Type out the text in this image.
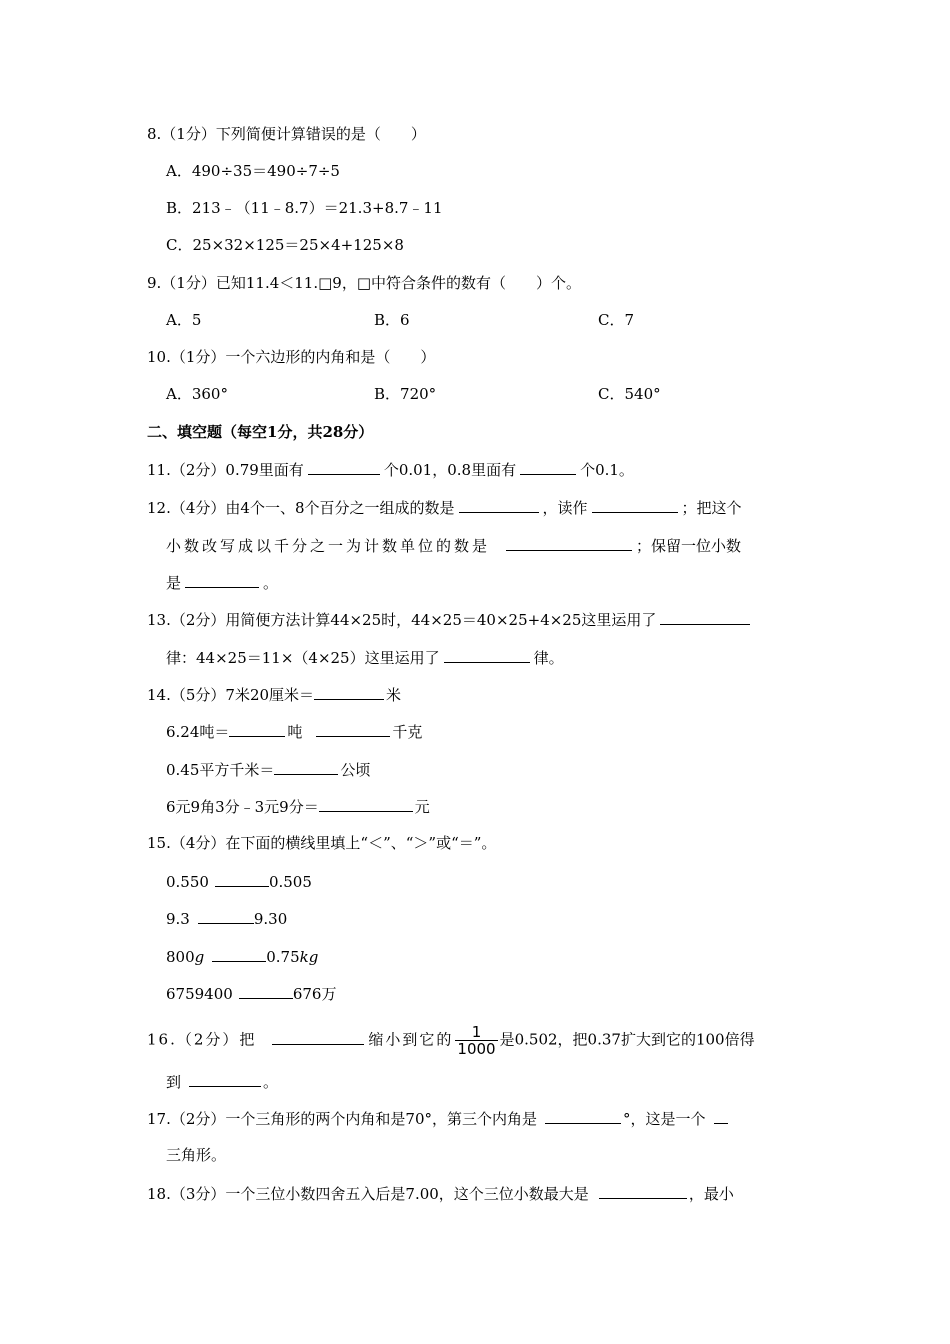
8.（1分）下列简便计算错误的是（　　）
A．490÷35＝490÷7÷5
B．213﹣（11﹣8.7）＝21.3+8.7﹣11
C．25×32×125＝25×4+125×8
9.（1分）已知11.4＜11.□9，□中符合条件的数有（　　）个。
A．5	B．6	C．7
10.（1分）一个六边形的内角和是（　　）
A．360°	B．720°	C．540°
二、填空题（每空1分，共28分）
11.（2分）0.79里面有	个0.01，0.8里面有	个0.1。
12.（4分）由4个一、8个百分之一组成的数是	，读作	；把这个
小数改写成以千分之一为计数单位的数是	；保留一位小数
是	。
13.（2分）用简便方法计算44×25时，44×25＝40×25+4×25这里运用了
律：44×25＝11×（4×25）这里运用了	律。
14.（5分）7米20厘米＝	米
6.24吨＝	吨	千克
0.45平方千米＝	公顷
6元9角3分﹣3元9分＝	元
15.（4分）在下面的横线里填上“＜”、“＞”或“＝”。
0.550	0.505
9.3	9.30
800g	0.75kg
6759400	676万
16.（2分）把	缩小到它的 $\frac{1}{1000}$ 是0.502，把0.37扩大到它的100倍得
到	。
17.（2分）一个三角形的两个内角和是70°，第三个内角是	°，这是一个
三角形。
18.（3分）一个三位小数四舍五入后是7.00，这个三位小数最大是	，最小
